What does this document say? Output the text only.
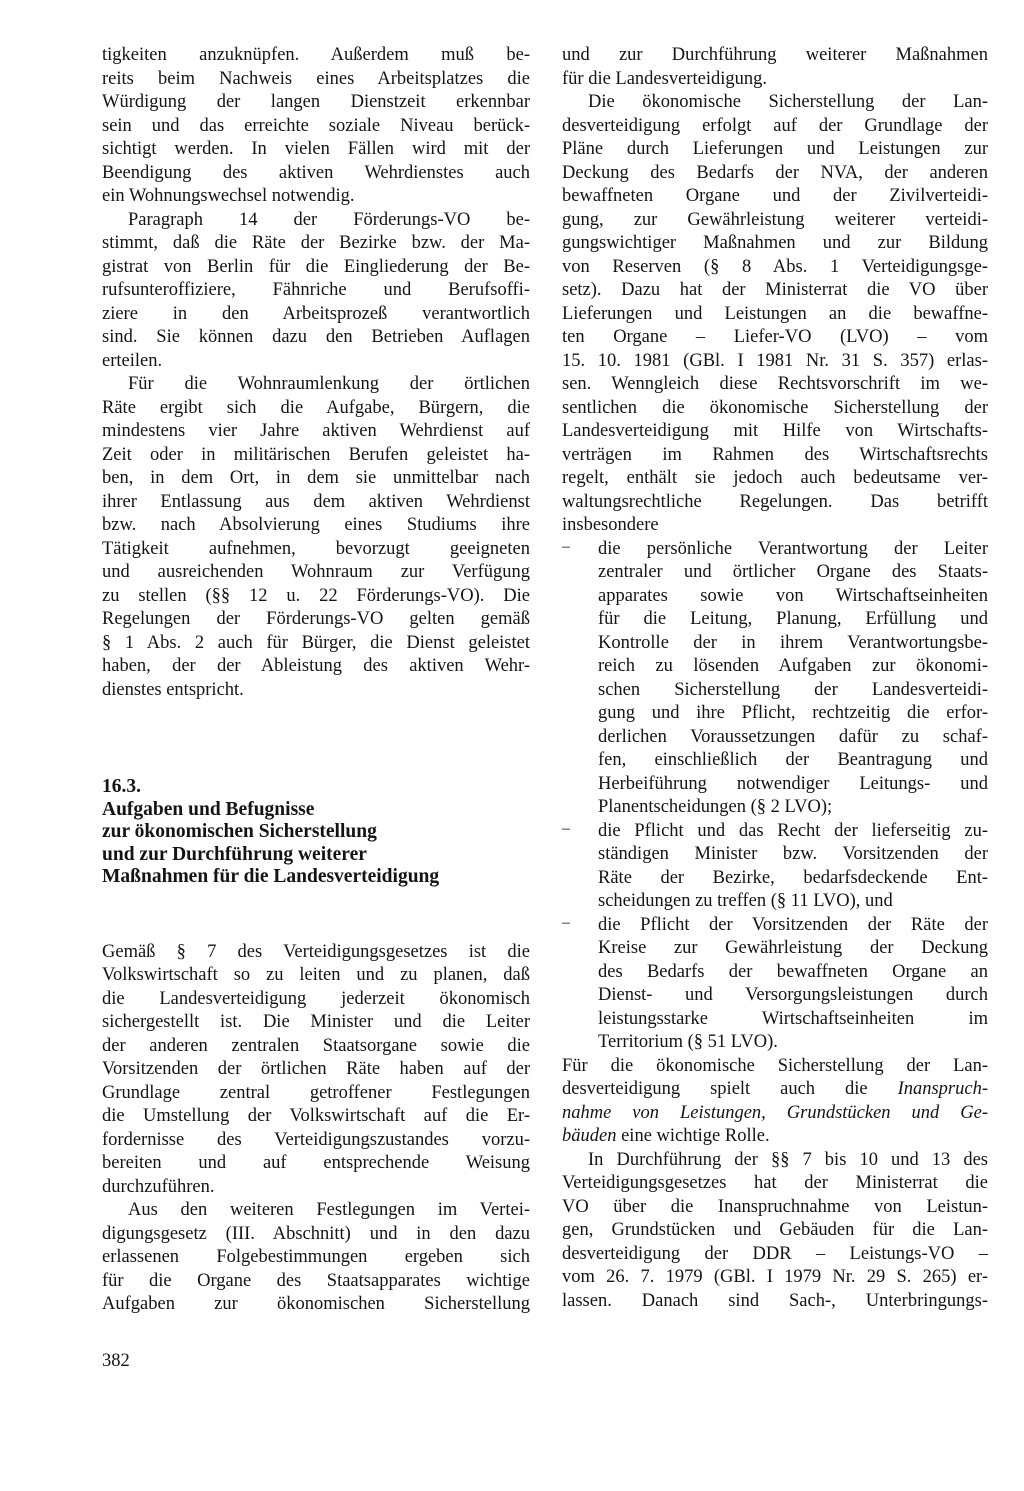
tigkeiten anzuknüpfen. Außerdem muß be-
reits beim Nachweis eines Arbeitsplatzes die
Würdigung der langen Dienstzeit erkennbar
sein und das erreichte soziale Niveau berück-
sichtigt werden. In vielen Fällen wird mit der
Beendigung des aktiven Wehrdienstes auch
ein Wohnungswechsel notwendig.
Paragraph 14 der Förderungs-VO be-
stimmt, daß die Räte der Bezirke bzw. der Ma-
gistrat von Berlin für die Eingliederung der Be-
rufsunteroffiziere, Fähnriche und Berufsoffi-
ziere in den Arbeitsprozeß verantwortlich
sind. Sie können dazu den Betrieben Auflagen
erteilen.
Für die Wohnraumlenkung der örtlichen
Räte ergibt sich die Aufgabe, Bürgern, die
mindestens vier Jahre aktiven Wehrdienst auf
Zeit oder in militärischen Berufen geleistet ha-
ben, in dem Ort, in dem sie unmittelbar nach
ihrer Entlassung aus dem aktiven Wehrdienst
bzw. nach Absolvierung eines Studiums ihre
Tätigkeit aufnehmen, bevorzugt geeigneten
und ausreichenden Wohnraum zur Verfügung
zu stellen (§§ 12 u. 22 Förderungs-VO). Die
Regelungen der Förderungs-VO gelten gemäß
§ 1 Abs. 2 auch für Bürger, die Dienst geleistet
haben, der der Ableistung des aktiven Wehr-
dienstes entspricht.
16.3.
Aufgaben und Befugnisse
zur ökonomischen Sicherstellung
und zur Durchführung weiterer
Maßnahmen für die Landesverteidigung
Gemäß § 7 des Verteidigungsgesetzes ist die
Volkswirtschaft so zu leiten und zu planen, daß
die Landesverteidigung jederzeit ökonomisch
sichergestellt ist. Die Minister und die Leiter
der anderen zentralen Staatsorgane sowie die
Vorsitzenden der örtlichen Räte haben auf der
Grundlage zentral getroffener Festlegungen
die Umstellung der Volkswirtschaft auf die Er-
fordernisse des Verteidigungszustandes vorzu-
bereiten und auf entsprechende Weisung
durchzuführen.
Aus den weiteren Festlegungen im Vertei-
digungsgesetz (III. Abschnitt) und in den dazu
erlassenen Folgebestimmungen ergeben sich
für die Organe des Staatsapparates wichtige
Aufgaben zur ökonomischen Sicherstellung
und zur Durchführung weiterer Maßnahmen
für die Landesverteidigung.
Die ökonomische Sicherstellung der Lan-
desverteidigung erfolgt auf der Grundlage der
Pläne durch Lieferungen und Leistungen zur
Deckung des Bedarfs der NVA, der anderen
bewaffneten Organe und der Zivilverteidi-
gung, zur Gewährleistung weiterer verteidi-
gungswichtiger Maßnahmen und zur Bildung
von Reserven (§ 8 Abs. 1 Verteidigungsge-
setz). Dazu hat der Ministerrat die VO über
Lieferungen und Leistungen an die bewaffne-
ten Organe – Liefer-VO (LVO) – vom
15. 10. 1981 (GBl. I 1981 Nr. 31 S. 357) erlas-
sen. Wenngleich diese Rechtsvorschrift im we-
sentlichen die ökonomische Sicherstellung der
Landesverteidigung mit Hilfe von Wirtschafts-
verträgen im Rahmen des Wirtschaftsrechts
regelt, enthält sie jedoch auch bedeutsame ver-
waltungsrechtliche Regelungen. Das betrifft
insbesondere
–	die persönliche Verantwortung der Leiter
zentraler und örtlicher Organe des Staats-
apparates sowie von Wirtschaftseinheiten
für die Leitung, Planung, Erfüllung und
Kontrolle der in ihrem Verantwortungsbe-
reich zu lösenden Aufgaben zur ökonomi-
schen Sicherstellung der Landesverteidi-
gung und ihre Pflicht, rechtzeitig die erfor-
derlichen Voraussetzungen dafür zu schaf-
fen, einschließlich der Beantragung und
Herbeiführung notwendiger Leitungs- und
Planentscheidungen (§ 2 LVO);
–	die Pflicht und das Recht der lieferseitig zu-
ständigen Minister bzw. Vorsitzenden der
Räte der Bezirke, bedarfsdeckende Ent-
scheidungen zu treffen (§ 11 LVO), und
–	die Pflicht der Vorsitzenden der Räte der
Kreise zur Gewährleistung der Deckung
des Bedarfs der bewaffneten Organe an
Dienst- und Versorgungsleistungen durch
leistungsstarke Wirtschaftseinheiten im
Territorium (§ 51 LVO).
Für die ökonomische Sicherstellung der Lan-
desverteidigung spielt auch die Inanspruch-
nahme von Leistungen, Grundstücken und Ge-
bäuden eine wichtige Rolle.
In Durchführung der §§ 7 bis 10 und 13 des
Verteidigungsgesetzes hat der Ministerrat die
VO über die Inanspruchnahme von Leistun-
gen, Grundstücken und Gebäuden für die Lan-
desverteidigung der DDR – Leistungs-VO –
vom 26. 7. 1979 (GBl. I 1979 Nr. 29 S. 265) er-
lassen. Danach sind Sach-, Unterbringungs-
382
